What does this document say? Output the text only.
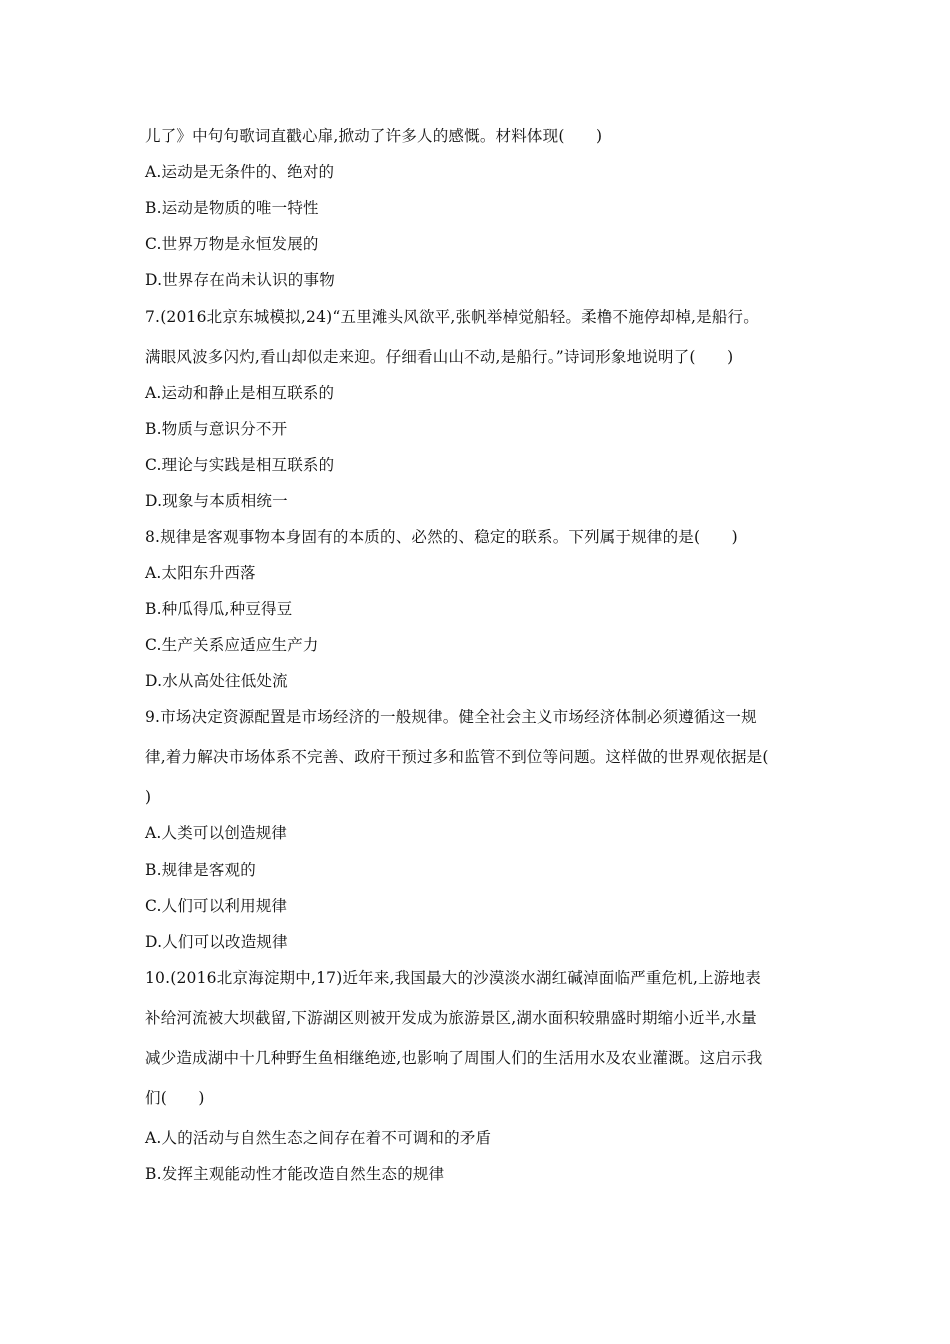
儿了》中句句歌词直戳心扉,掀动了许多人的感慨。材料体现(　　)
A.运动是无条件的、绝对的
B.运动是物质的唯一特性
C.世界万物是永恒发展的
D.世界存在尚未认识的事物
7.(2016北京东城模拟,24)“五里滩头风欲平,张帆举棹觉船轻。柔橹不施停却棹,是船行。
满眼风波多闪灼,看山却似走来迎。仔细看山山不动,是船行。”诗词形象地说明了(　　)
A.运动和静止是相互联系的
B.物质与意识分不开
C.理论与实践是相互联系的
D.现象与本质相统一
8.规律是客观事物本身固有的本质的、必然的、稳定的联系。下列属于规律的是(　　)
A.太阳东升西落
B.种瓜得瓜,种豆得豆
C.生产关系应适应生产力
D.水从高处往低处流
9.市场决定资源配置是市场经济的一般规律。健全社会主义市场经济体制必须遵循这一规
律,着力解决市场体系不完善、政府干预过多和监管不到位等问题。这样做的世界观依据是(
)
A.人类可以创造规律
B.规律是客观的
C.人们可以利用规律
D.人们可以改造规律
10.(2016北京海淀期中,17)近年来,我国最大的沙漠淡水湖红碱淖面临严重危机,上游地表
补给河流被大坝截留,下游湖区则被开发成为旅游景区,湖水面积较鼎盛时期缩小近半,水量
减少造成湖中十几种野生鱼相继绝迹,也影响了周围人们的生活用水及农业灌溉。这启示我
们(　　)
A.人的活动与自然生态之间存在着不可调和的矛盾
B.发挥主观能动性才能改造自然生态的规律
